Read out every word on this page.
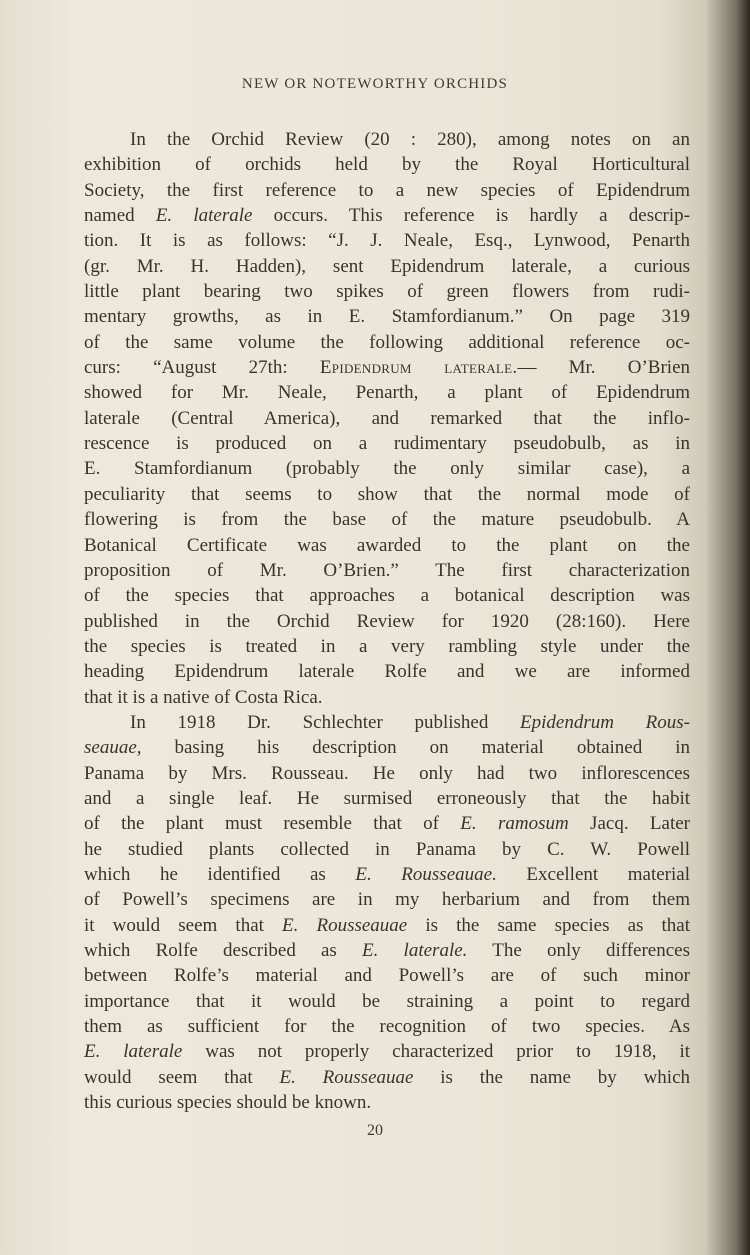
NEW OR NOTEWORTHY ORCHIDS
In the Orchid Review (20 : 280), among notes on an
exhibition of orchids held by the Royal Horticultural
Society, the first reference to a new species of Epidendrum
named E. laterale occurs. This reference is hardly a descrip-
tion. It is as follows: “J. J. Neale, Esq., Lynwood, Penarth
(gr. Mr. H. Hadden), sent Epidendrum laterale, a curious
little plant bearing two spikes of green flowers from rudi-
mentary growths, as in E. Stamfordianum.” On page 319
of the same volume the following additional reference oc-
curs: “August 27th: Epidendrum laterale.— Mr. O’Brien
showed for Mr. Neale, Penarth, a plant of Epidendrum
laterale (Central America), and remarked that the inflo-
rescence is produced on a rudimentary pseudobulb, as in
E. Stamfordianum (probably the only similar case), a
peculiarity that seems to show that the normal mode of
flowering is from the base of the mature pseudobulb. A
Botanical Certificate was awarded to the plant on the
proposition of Mr. O’Brien.” The first characterization
of the species that approaches a botanical description was
published in the Orchid Review for 1920 (28:160). Here
the species is treated in a very rambling style under the
heading Epidendrum laterale Rolfe and we are informed
that it is a native of Costa Rica.
In 1918 Dr. Schlechter published Epidendrum Rous-
seauae, basing his description on material obtained in
Panama by Mrs. Rousseau. He only had two inflorescences
and a single leaf. He surmised erroneously that the habit
of the plant must resemble that of E. ramosum Jacq. Later
he studied plants collected in Panama by C. W. Powell
which he identified as E. Rousseauae. Excellent material
of Powell’s specimens are in my herbarium and from them
it would seem that E. Rousseauae is the same species as that
which Rolfe described as E. laterale. The only differences
between Rolfe’s material and Powell’s are of such minor
importance that it would be straining a point to regard
them as sufficient for the recognition of two species. As
E. laterale was not properly characterized prior to 1918, it
would seem that E. Rousseauae is the name by which
this curious species should be known.
20
